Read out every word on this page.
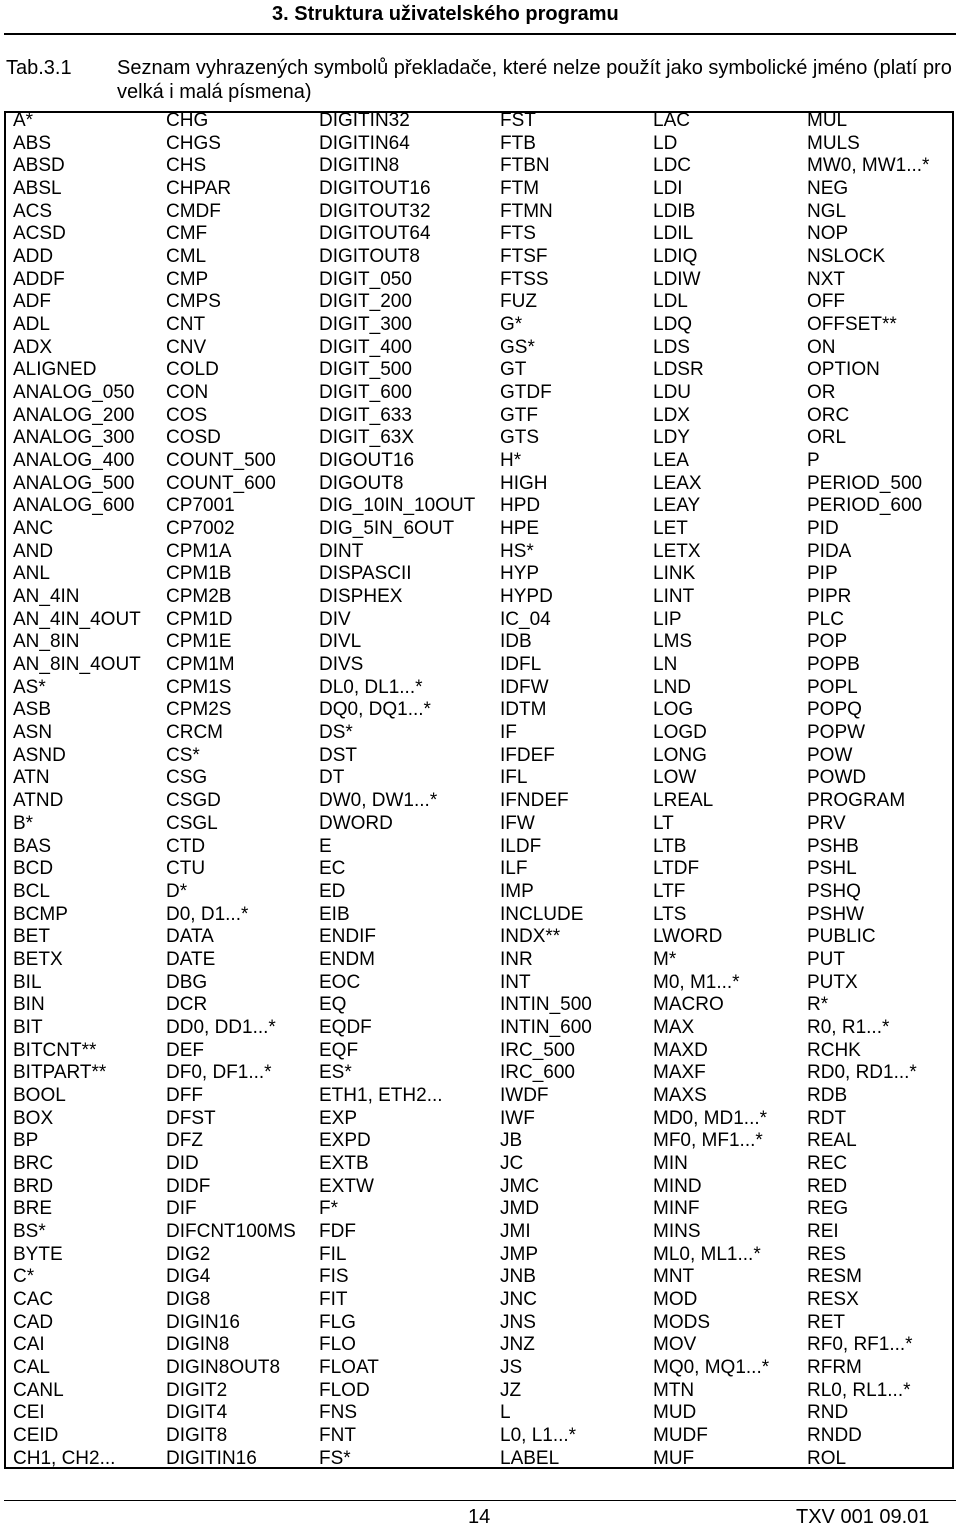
3. Struktura uživatelského programu
Tab.3.1 Seznam vyhrazených symbolů překladače, které nelze použít jako symbolické jméno (platí pro velká i malá písmena)
A*
ABS
ABSD
ABSL
ACS
ACSD
ADD
ADDF
ADF
ADL
ADX
ALIGNED
ANALOG_050
ANALOG_200
ANALOG_300
ANALOG_400
ANALOG_500
ANALOG_600
ANC
AND
ANL
AN_4IN
AN_4IN_4OUT
AN_8IN
AN_8IN_4OUT
AS*
ASB
ASN
ASND
ATN
ATND
B*
BAS
BCD
BCL
BCMP
BET
BETX
BIL
BIN
BIT
BITCNT**
BITPART**
BOOL
BOX
BP
BRC
BRD
BRE
BS*
BYTE
C*
CAC
CAD
CAI
CAL
CANL
CEI
CEID
CH1, CH2...
CHG
CHGS
CHS
CHPAR
CMDF
CMF
CML
CMP
CMPS
CNT
CNV
COLD
CON
COS
COSD
COUNT_500
COUNT_600
CP7001
CP7002
CPM1A
CPM1B
CPM2B
CPM1D
CPM1E
CPM1M
CPM1S
CPM2S
CRCM
CS*
CSG
CSGD
CSGL
CTD
CTU
D*
D0, D1...*
DATA
DATE
DBG
DCR
DD0, DD1...*
DEF
DF0, DF1...*
DFF
DFST
DFZ
DID
DIDF
DIF
DIFCNT100MS
DIG2
DIG4
DIG8
DIGIN16
DIGIN8
DIGIN8OUT8
DIGIT2
DIGIT4
DIGIT8
DIGITIN16
DIGITIN32
DIGITIN64
DIGITIN8
DIGITOUT16
DIGITOUT32
DIGITOUT64
DIGITOUT8
DIGIT_050
DIGIT_200
DIGIT_300
DIGIT_400
DIGIT_500
DIGIT_600
DIGIT_633
DIGIT_63X
DIGOUT16
DIGOUT8
DIG_10IN_10OUT
DIG_5IN_6OUT
DINT
DISPASCII
DISPHEX
DIV
DIVL
DIVS
DL0, DL1...*
DQ0, DQ1...*
DS*
DST
DT
DW0, DW1...*
DWORD
E
EC
ED
EIB
ENDIF
ENDM
EOC
EQ
EQDF
EQF
ES*
ETH1, ETH2...
EXP
EXPD
EXTB
EXTW
F*
FDF
FIL
FIS
FIT
FLG
FLO
FLOAT
FLOD
FNS
FNT
FS*
FST
FTB
FTBN
FTM
FTMN
FTS
FTSF
FTSS
FUZ
G*
GS*
GT
GTDF
GTF
GTS
H*
HIGH
HPD
HPE
HS*
HYP
HYPD
IC_04
IDB
IDFL
IDFW
IDTM
IF
IFDEF
IFL
IFNDEF
IFW
ILDF
ILF
IMP
INCLUDE
INDX**
INR
INT
INTIN_500
INTIN_600
IRC_500
IRC_600
IWDF
IWF
JB
JC
JMC
JMD
JMI
JMP
JNB
JNC
JNS
JNZ
JS
JZ
L
L0, L1...*
LABEL
LAC
LD
LDC
LDI
LDIB
LDIL
LDIQ
LDIW
LDL
LDQ
LDS
LDSR
LDU
LDX
LDY
LEA
LEAX
LEAY
LET
LETX
LINK
LINT
LIP
LMS
LN
LND
LOG
LOGD
LONG
LOW
LREAL
LT
LTB
LTDF
LTF
LTS
LWORD
M*
M0, M1...*
MACRO
MAX
MAXD
MAXF
MAXS
MD0, MD1...*
MF0, MF1...*
MIN
MIND
MINF
MINS
ML0, ML1...*
MNT
MOD
MODS
MOV
MQ0, MQ1...*
MTN
MUD
MUDF
MUF
MUL
MULS
MW0, MW1...*
NEG
NGL
NOP
NSLOCK
NXT
OFF
OFFSET**
ON
OPTION
OR
ORC
ORL
P
PERIOD_500
PERIOD_600
PID
PIDA
PIP
PIPR
PLC
POP
POPB
POPL
POPQ
POPW
POW
POWD
PROGRAM
PRV
PSHB
PSHL
PSHQ
PSHW
PUBLIC
PUT
PUTX
R*
R0, R1...*
RCHK
RD0, RD1...*
RDB
RDT
REAL
REC
RED
REG
REI
RES
RESM
RESX
RET
RF0, RF1...*
RFRM
RL0, RL1...*
RND
RNDD
ROL
14	TXV 001 09.01
